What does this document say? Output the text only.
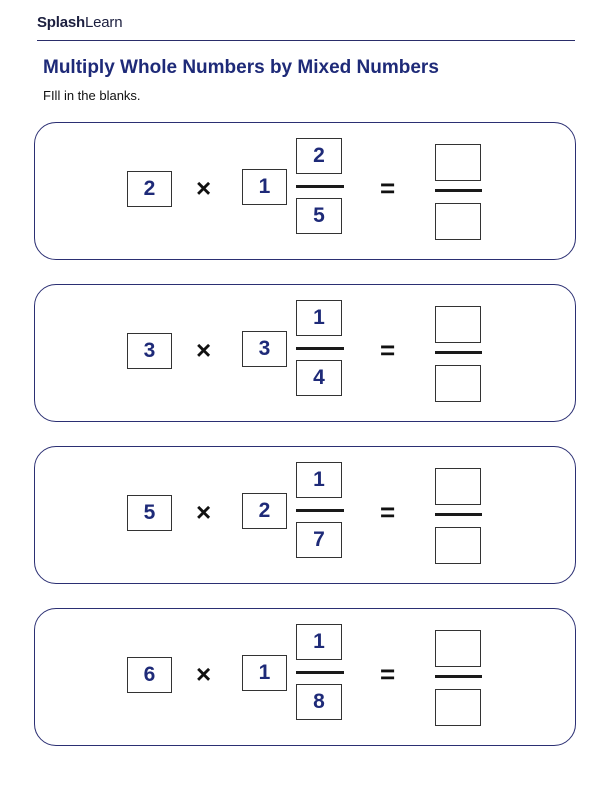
SplashLearn
Multiply Whole Numbers by Mixed Numbers
FIll in the blanks.
2	×	1
2
5
=
3	×	3
1
4
=
5	×	2
1
7
=
6	×	1
1
8
=
